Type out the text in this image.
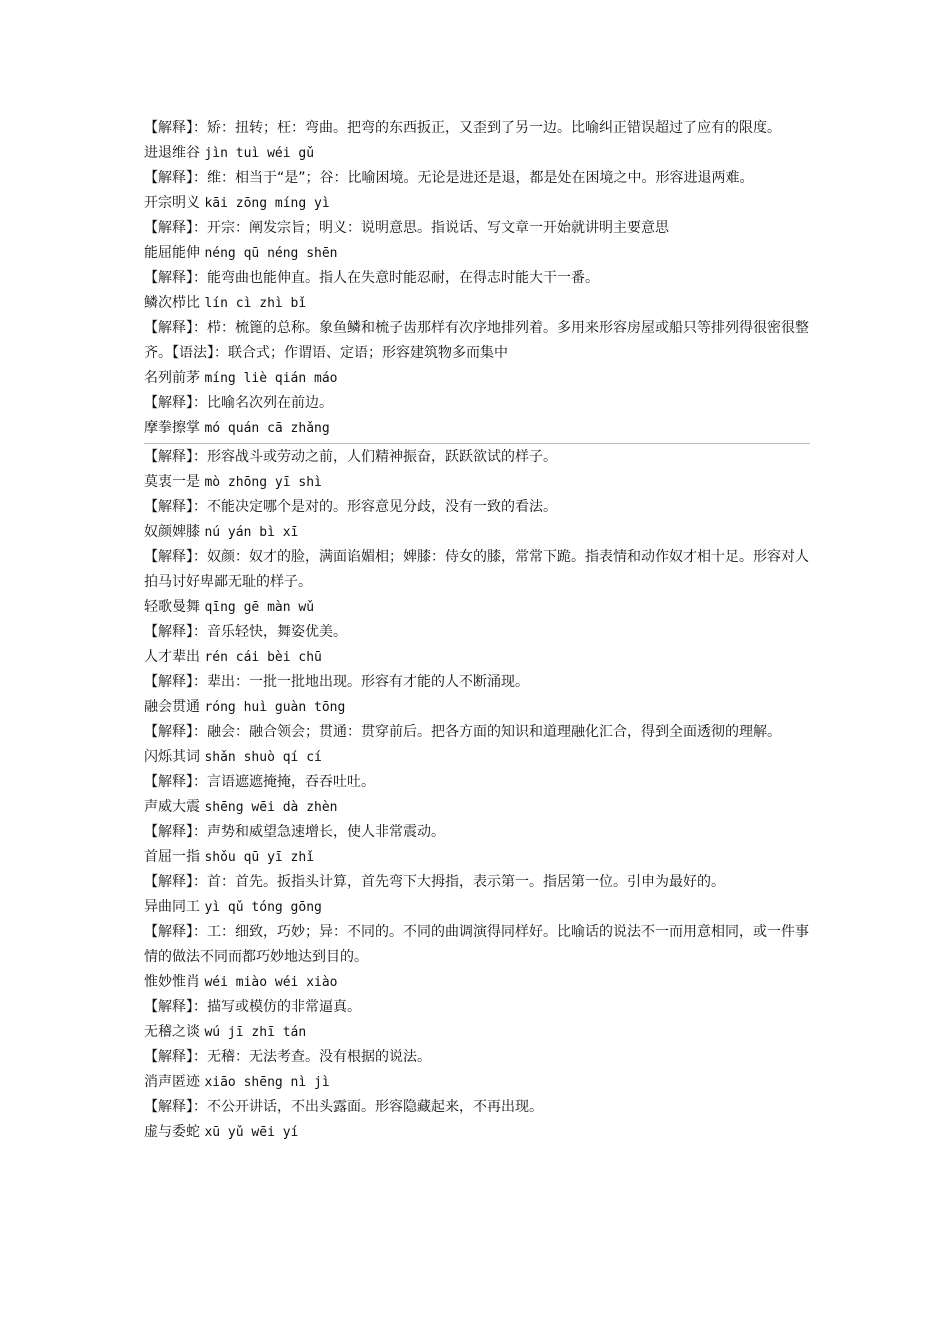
【解释】：矫：扭转；枉：弯曲。把弯的东西扳正，又歪到了另一边。比喻纠正错误超过了应有的限度。
进退维谷 jìn tuì wéi gǔ
【解释】：维：相当于“是”；谷：比喻困境。无论是进还是退，都是处在困境之中。形容进退两难。
开宗明义 kāi zōng míng yì
【解释】：开宗：阐发宗旨；明义：说明意思。指说话、写文章一开始就讲明主要意思
能屈能伸 néng qū néng shēn
【解释】：能弯曲也能伸直。指人在失意时能忍耐，在得志时能大干一番。
鳞次栉比 lín cì zhì bǐ
【解释】：栉：梳篦的总称。象鱼鳞和梳子齿那样有次序地排列着。多用来形容房屋或船只等排列得很密很整齐。【语法】：联合式；作谓语、定语；形容建筑物多而集中
名列前茅 míng liè qián máo
【解释】：比喻名次列在前边。
摩拳擦掌 mó quán cā zhǎng
【解释】：形容战斗或劳动之前，人们精神振奋，跃跃欲试的样子。
莫衷一是 mò zhōng yī shì
【解释】：不能决定哪个是对的。形容意见分歧，没有一致的看法。
奴颜婢膝 nú yán bì xī
【解释】：奴颜：奴才的脸，满面谄媚相；婢膝：侍女的膝，常常下跪。指表情和动作奴才相十足。形容对人拍马讨好卑鄙无耻的样子。
轻歌曼舞 qīng gē màn wǔ
【解释】：音乐轻快，舞姿优美。
人才辈出 rén cái bèi chū
【解释】：辈出：一批一批地出现。形容有才能的人不断涌现。
融会贯通 róng huì guàn tōng
【解释】：融会：融合领会；贯通：贯穿前后。把各方面的知识和道理融化汇合，得到全面透彻的理解。
闪烁其词 shǎn shuò qí cí
【解释】：言语遮遮掩掩，吞吞吐吐。
声威大震 shēng wēi dà zhèn
【解释】：声势和威望急速增长，使人非常震动。
首屈一指 shǒu qū yī zhǐ
【解释】：首：首先。扳指头计算，首先弯下大拇指，表示第一。指居第一位。引申为最好的。
异曲同工 yì qǔ tóng gōng
【解释】：工：细致，巧妙；异：不同的。不同的曲调演得同样好。比喻话的说法不一而用意相同，或一件事情的做法不同而都巧妙地达到目的。
惟妙惟肖 wéi miào wéi xiào
【解释】：描写或模仿的非常逼真。
无稽之谈 wú jī zhī tán
【解释】：无稽：无法考查。没有根据的说法。
消声匿迹 xiāo shēng nì jì
【解释】：不公开讲话，不出头露面。形容隐藏起来，不再出现。
虚与委蛇 xū yǔ wēi yí
